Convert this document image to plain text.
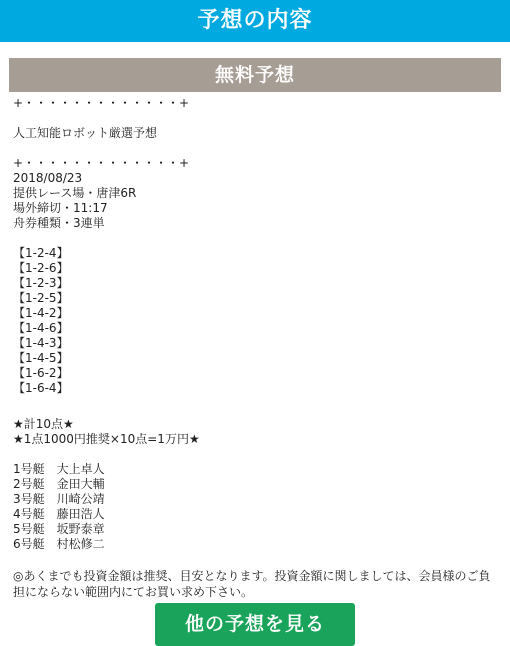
予想の内容
無料予想
+・・・・・・・・・・・・・+
人工知能ロボット厳選予想
+・・・・・・・・・・・・・+
2018/08/23
提供レース場・唐津6R
場外締切・11:17
舟券種類・3連単
【1-2-4】
【1-2-6】
【1-2-3】
【1-2-5】
【1-4-2】
【1-4-6】
【1-4-3】
【1-4-5】
【1-6-2】
【1-6-4】
★計10点★
★1点1000円推奨×10点=1万円★
1号艇　大上卓人
2号艇　金田大輔
3号艇　川崎公靖
4号艇　藤田浩人
5号艇　坂野泰章
6号艇　村松修二
◎あくまでも投資金額は推奨、目安となります。投資金額に関しましては、会員様のご負担にならない範囲内にてお買い求め下さい。
他の予想を見る
